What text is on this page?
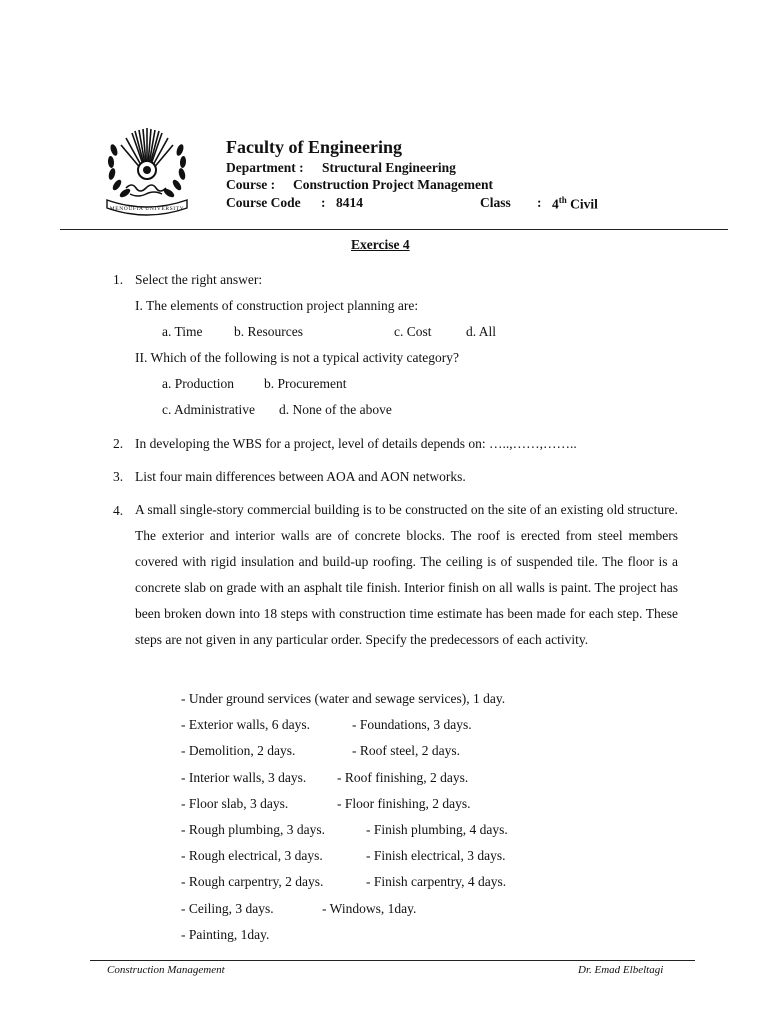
MENOUFIA UNIVERSITY
Faculty of Engineering
Department : Structural Engineering
Course : Construction Project Management
Course Code : 8414	Class : 4th Civil
Exercise 4
1. Select the right answer:
I. The elements of construction project planning are:
a. Time b. Resources	c. Cost	d. All
II. Which of the following is not a typical activity category?
a. Production b. Procurement
c. Administrative d. None of the above
2. In developing the WBS for a project, level of details depends on: …..,……,……..
3. List four main differences between AOA and AON networks.
4. A small single-story commercial building is to be constructed on the site of an existing old structure. The exterior and interior walls are of concrete blocks. The roof is erected from steel members covered with rigid insulation and build-up roofing. The ceiling is of suspended tile. The floor is a concrete slab on grade with an asphalt tile finish. Interior finish on all walls is paint. The project has been broken down into 18 steps with construction time estimate has been made for each step. These steps are not given in any particular order. Specify the predecessors of each activity.
- Under ground services (water and sewage services), 1 day.
- Exterior walls, 6 days.	- Foundations, 3 days.
- Demolition, 2 days.	- Roof steel, 2 days.
- Interior walls, 3 days. - Roof finishing, 2 days.
- Floor slab, 3 days.	- Floor finishing, 2 days.
- Rough plumbing, 3 days.	- Finish plumbing, 4 days.
- Rough electrical, 3 days.	- Finish electrical, 3 days.
- Rough carpentry, 2 days.	- Finish carpentry, 4 days.
- Ceiling, 3 days.	- Windows, 1day.
- Painting, 1day.
Construction Management	Dr. Emad Elbeltagi
